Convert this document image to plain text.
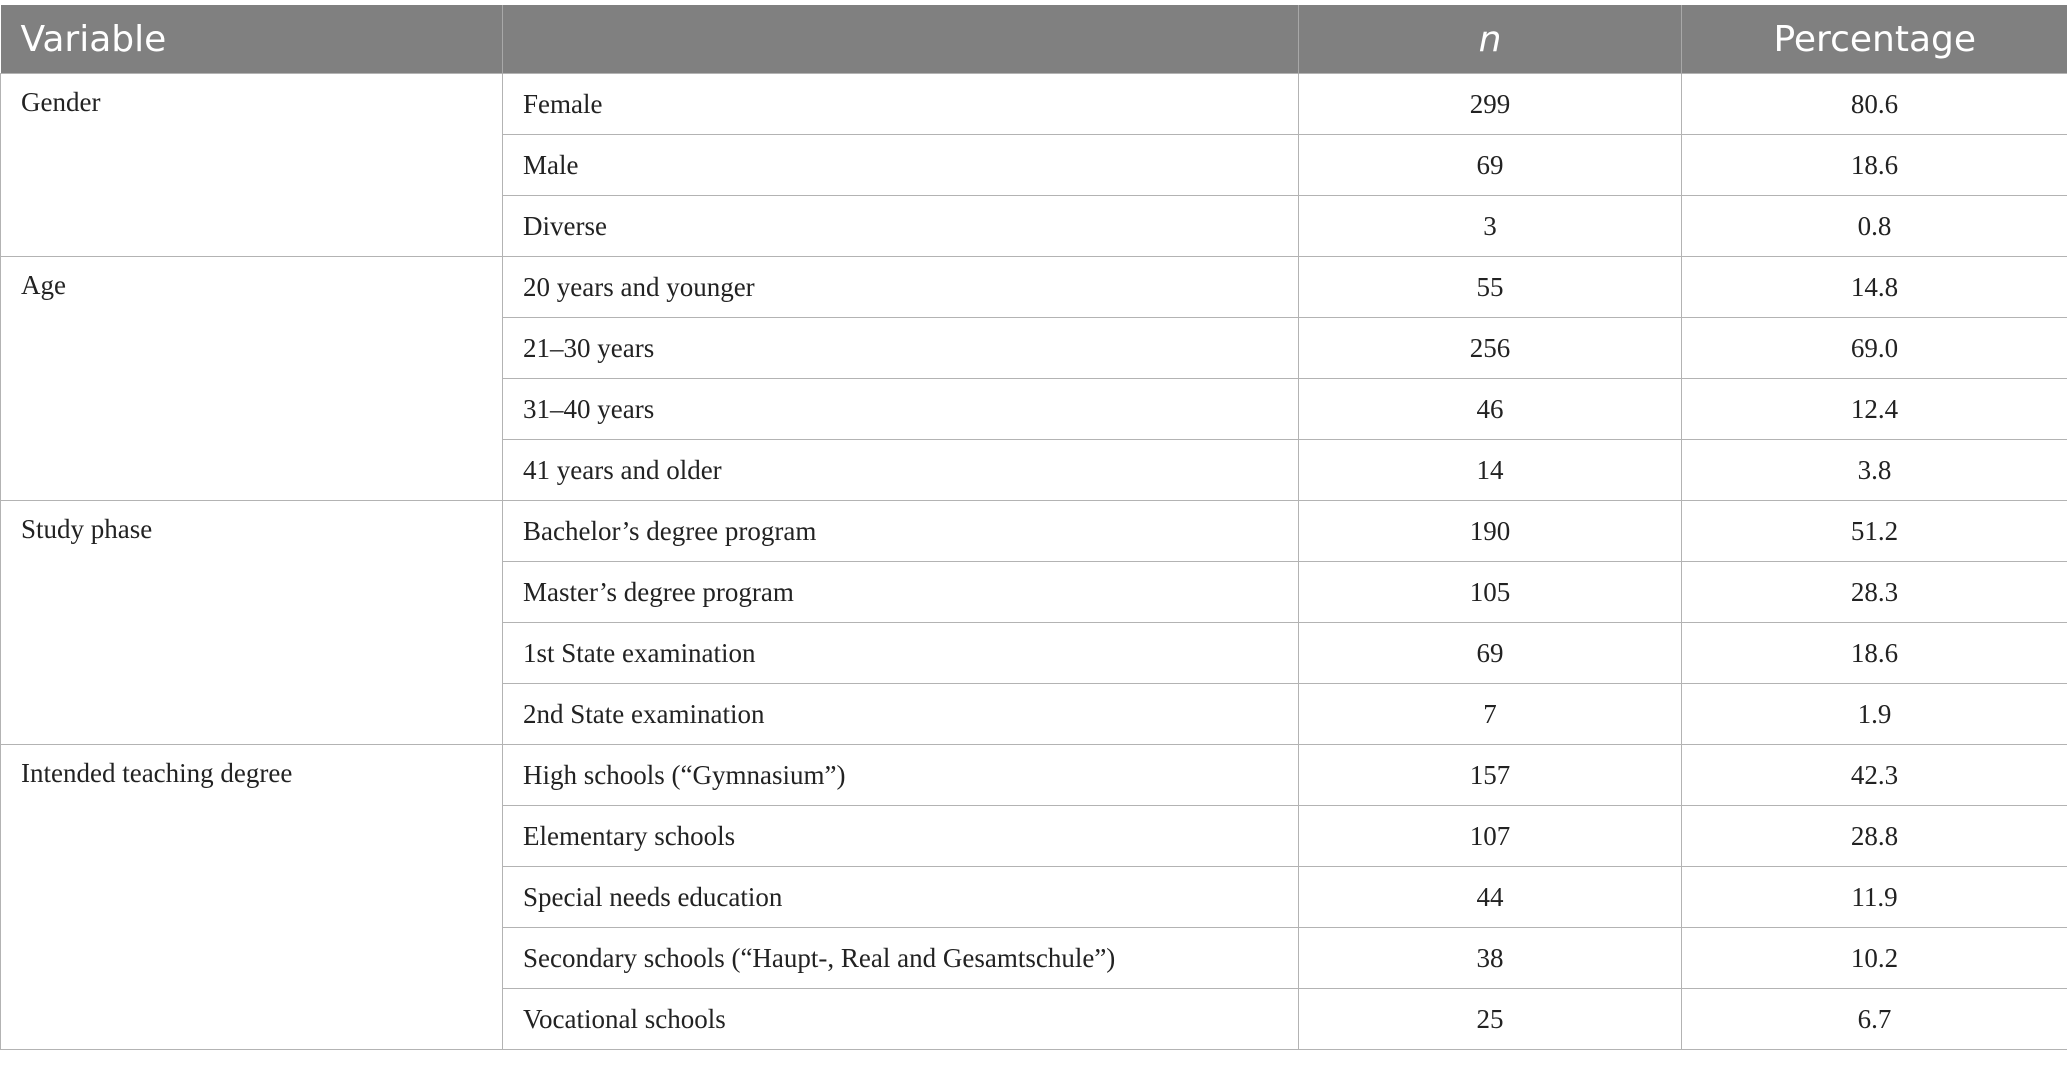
Variable		n	Percentage
Gender	Female	299	80.6
	Male	69	18.6
	Diverse	3	0.8
Age	20 years and younger	55	14.8
	21–30 years	256	69.0
	31–40 years	46	12.4
	41 years and older	14	3.8
Study phase	Bachelor’s degree program	190	51.2
	Master’s degree program	105	28.3
	1st State examination	69	18.6
	2nd State examination	7	1.9
Intended teaching degree	High schools (“Gymnasium”)	157	42.3
	Elementary schools	107	28.8
	Special needs education	44	11.9
	Secondary schools (“Haupt-, Real and Gesamtschule”)	38	10.2
	Vocational schools	25	6.7
